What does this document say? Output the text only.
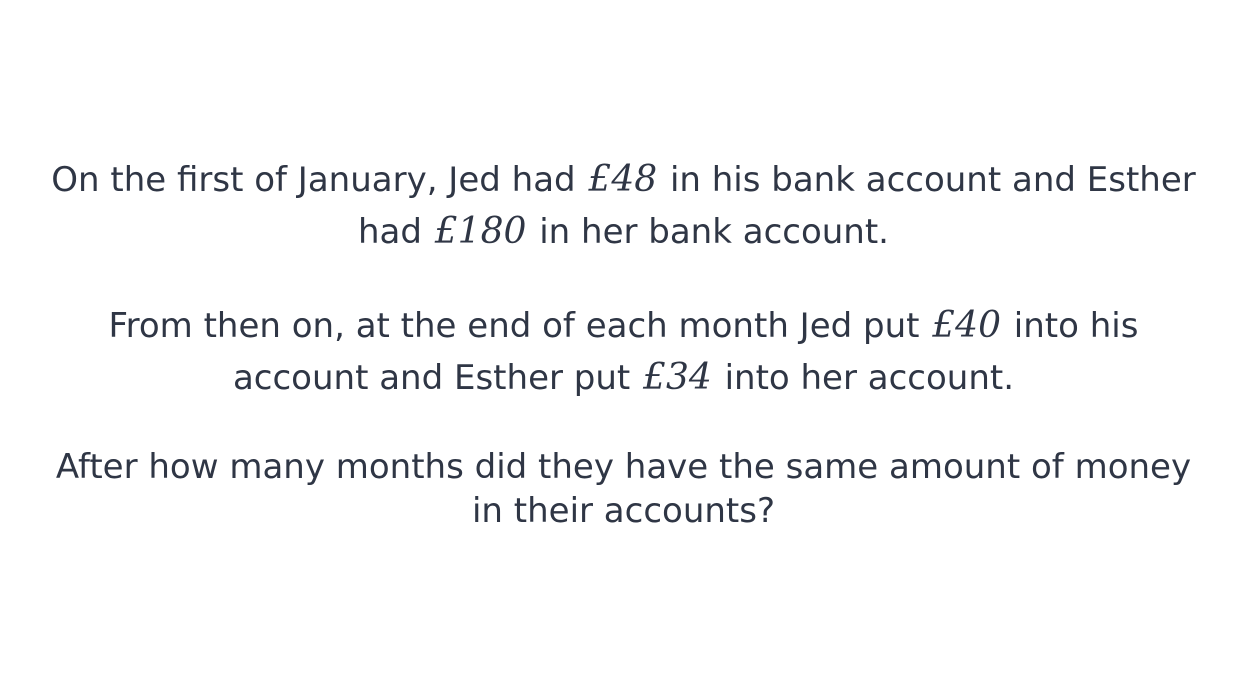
On the first of January, Jed had £48 in his bank account and Esther had £180 in her bank account.

From then on, at the end of each month Jed put £40 into his account and Esther put £34 into her account.

After how many months did they have the same amount of money in their accounts?
